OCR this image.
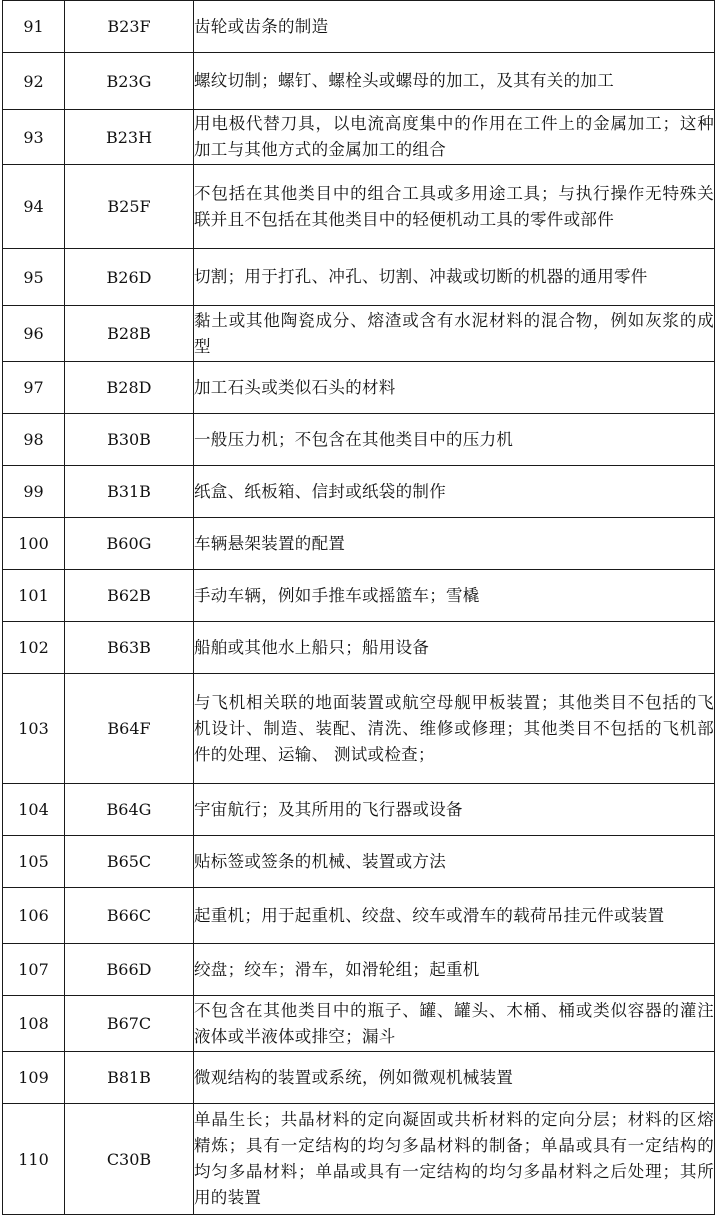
91	B23F	齿轮或齿条的制造
92	B23G	螺纹切制；螺钉、螺栓头或螺母的加工，及其有关的加工
93	B23H	用电极代替刀具，以电流高度集中的作用在工件上的金属加工；这种加工与其他方式的金属加工的组合
94	B25F	不包括在其他类目中的组合工具或多用途工具；与执行操作无特殊关联并且不包括在其他类目中的轻便机动工具的零件或部件
95	B26D	切割；用于打孔、冲孔、切割、冲裁或切断的机器的通用零件
96	B28B	黏土或其他陶瓷成分、熔渣或含有水泥材料的混合物，例如灰浆的成型
97	B28D	加工石头或类似石头的材料
98	B30B	一般压力机；不包含在其他类目中的压力机
99	B31B	纸盒、纸板箱、信封或纸袋的制作
100	B60G	车辆悬架装置的配置
101	B62B	手动车辆，例如手推车或摇篮车；雪橇
102	B63B	船舶或其他水上船只；船用设备
103	B64F	与飞机相关联的地面装置或航空母舰甲板装置；其他类目不包括的飞机设计、制造、装配、清洗、维修或修理；其他类目不包括的飞机部件的处理、运输、 测试或检查；
104	B64G	宇宙航行；及其所用的飞行器或设备
105	B65C	贴标签或签条的机械、装置或方法
106	B66C	起重机；用于起重机、绞盘、绞车或滑车的载荷吊挂元件或装置
107	B66D	绞盘；绞车；滑车，如滑轮组；起重机
108	B67C	不包含在其他类目中的瓶子、罐、罐头、木桶、桶或类似容器的灌注液体或半液体或排空；漏斗
109	B81B	微观结构的装置或系统，例如微观机械装置
110	C30B	单晶生长；共晶材料的定向凝固或共析材料的定向分层；材料的区熔精炼；具有一定结构的均匀多晶材料的制备；单晶或具有一定结构的均匀多晶材料；单晶或具有一定结构的均匀多晶材料之后处理；其所用的装置
